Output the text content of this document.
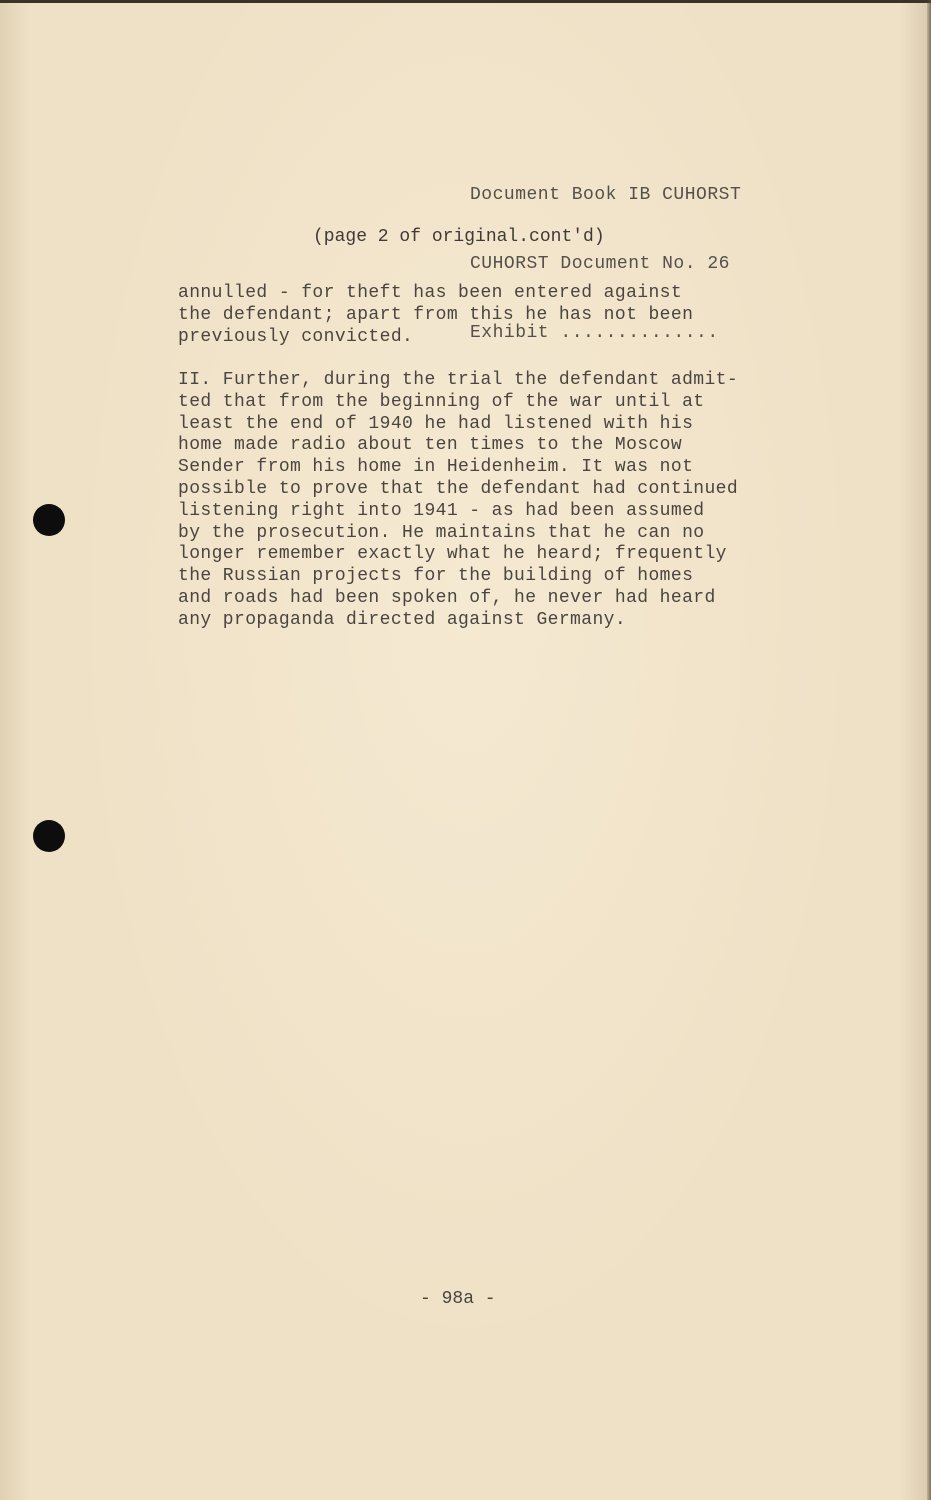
Document Book IB CUHORST

CUHORST Document No. 26

Exhibit ..............

(page 2 of original.cont'd)
annulled - for theft has been entered against
the defendant; apart from this he has not been
previously convicted.
II. Further, during the trial the defendant admit-
ted that from the beginning of the war until at
least the end of 1940 he had listened with his
home made radio about ten times to the Moscow
Sender from his home in Heidenheim. It was not
possible to prove that the defendant had continued
listening right into 1941 - as had been assumed
by the prosecution. He maintains that he can no
longer remember exactly what he heard; frequently
the Russian projects for the building of homes
and roads had been spoken of, he never had heard
any propaganda directed against Germany.
- 98a -
